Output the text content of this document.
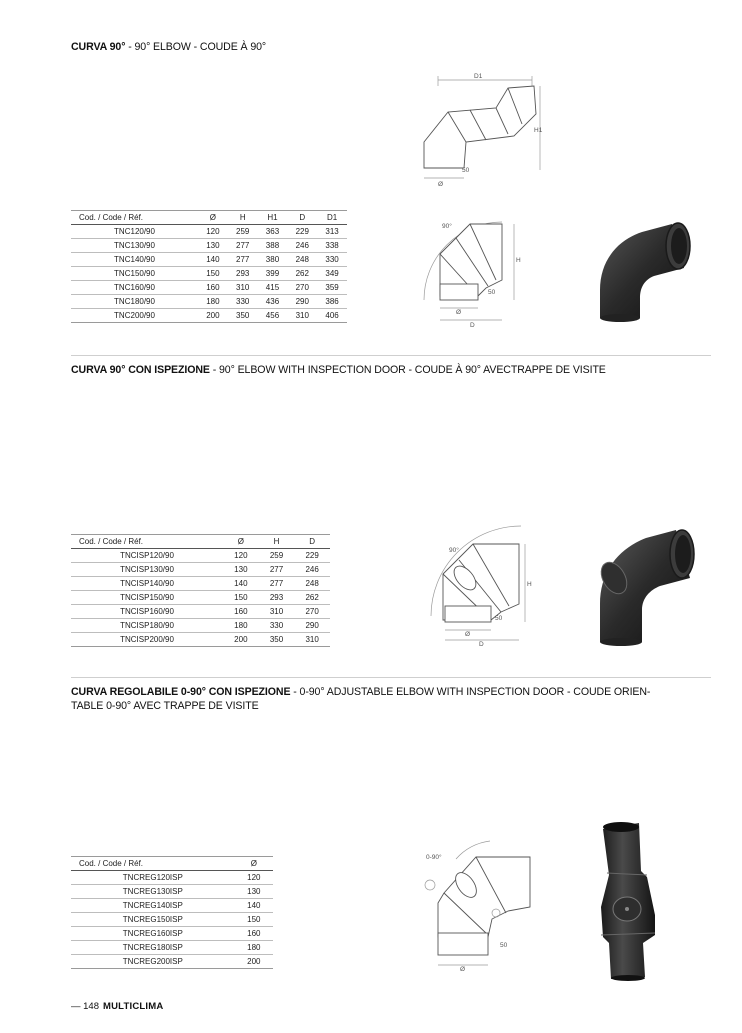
CURVA 90° - 90° ELBOW - COUDE À 90°
D1
H1
Ø
50
Cod. / Code / Réf.	Ø	H	H1	D	D1
TNC120/90	120	259	363	229	313
TNC130/90	130	277	388	246	338
TNC140/90	140	277	380	248	330
TNC150/90	150	293	399	262	349
TNC160/90	160	310	415	270	359
TNC180/90	180	330	436	290	386
TNC200/90	200	350	456	310	406
90°
H
50
Ø
D
CURVA 90° CON ISPEZIONE - 90° ELBOW WITH INSPECTION DOOR - COUDE À 90° AVECTRAPPE DE VISITE
Cod. / Code / Réf.	Ø	H	D
TNCISP120/90	120	259	229
TNCISP130/90	130	277	246
TNCISP140/90	140	277	248
TNCISP150/90	150	293	262
TNCISP160/90	160	310	270
TNCISP180/90	180	330	290
TNCISP200/90	200	350	310
90°
H
50
Ø
D
CURVA REGOLABILE 0-90° CON ISPEZIONE - 0-90° ADJUSTABLE ELBOW WITH INSPECTION DOOR - COUDE ORIEN-
TABLE 0-90° AVEC TRAPPE DE VISITE
Cod. / Code / Réf.	Ø
TNCREG120ISP	120
TNCREG130ISP	130
TNCREG140ISP	140
TNCREG150ISP	150
TNCREG160ISP	160
TNCREG180ISP	180
TNCREG200ISP	200
0-90°
50
Ø
— 148 MULTICLIMA
